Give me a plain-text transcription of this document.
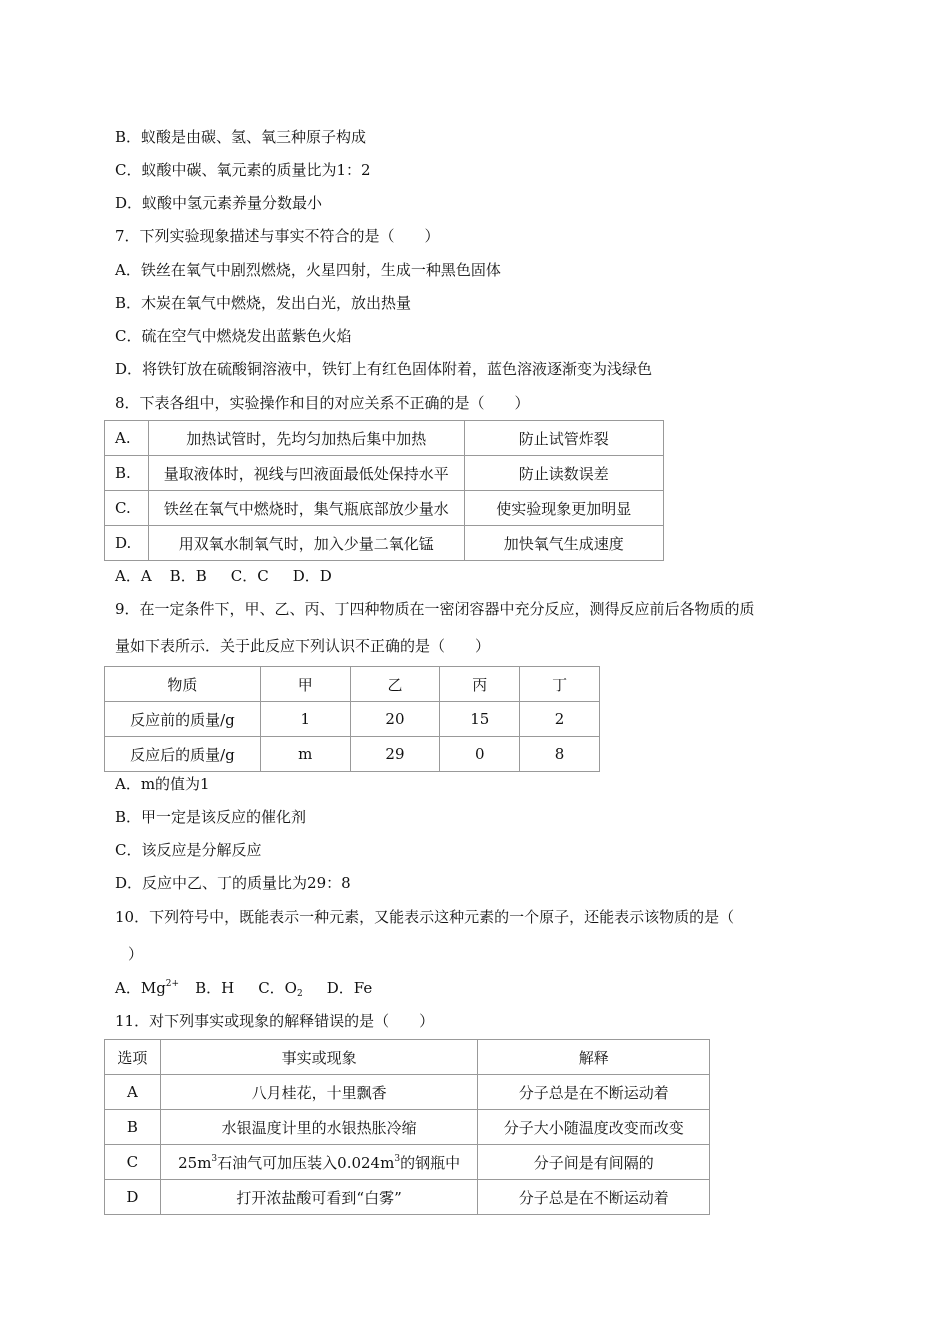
B．蚁酸是由碳、氢、氧三种原子构成
C．蚁酸中碳、氧元素的质量比为1：2
D．蚁酸中氢元素养量分数最小
7．下列实验现象描述与事实不符合的是（　　）
A．铁丝在氧气中剧烈燃烧，火星四射，生成一种黑色固体
B．木炭在氧气中燃烧，发出白光，放出热量
C．硫在空气中燃烧发出蓝紫色火焰
D．将铁钉放在硫酸铜溶液中，铁钉上有红色固体附着，蓝色溶液逐渐变为浅绿色
8．下表各组中，实验操作和目的对应关系不正确的是（　　）
A.	加热试管时，先均匀加热后集中加热	防止试管炸裂
B.	量取液体时，视线与凹液面最低处保持水平	防止读数误差
C.	铁丝在氧气中燃烧时，集气瓶底部放少量水	使实验现象更加明显
D.	用双氧水制氧气时，加入少量二氧化锰	加快氧气生成速度
A．A B．B C．C D．D
9．在一定条件下，甲、乙、丙、丁四种物质在一密闭容器中充分反应，测得反应前后各物质的质
量如下表所示．关于此反应下列认识不正确的是（　　）
物质	甲	乙	丙	丁
反应前的质量/g	1	20	15	2
反应后的质量/g	m	29	0	8
A．m的值为1
B．甲一定是该反应的催化剂
C．该反应是分解反应
D．反应中乙、丁的质量比为29：8
10．下列符号中，既能表示一种元素，又能表示这种元素的一个原子，还能表示该物质的是（
）
A．$Mg^{2+}$ B．H C．$O_2$ D．Fe
11．对下列事实或现象的解释错误的是（　　）
选项	事实或现象	解释
A	八月桂花，十里飘香	分子总是在不断运动着
B	水银温度计里的水银热胀冷缩	分子大小随温度改变而改变
C	$25m^3$石油气可加压装入$0.024m^3$的钢瓶中	分子间是有间隔的
D	打开浓盐酸可看到“白雾”	分子总是在不断运动着
